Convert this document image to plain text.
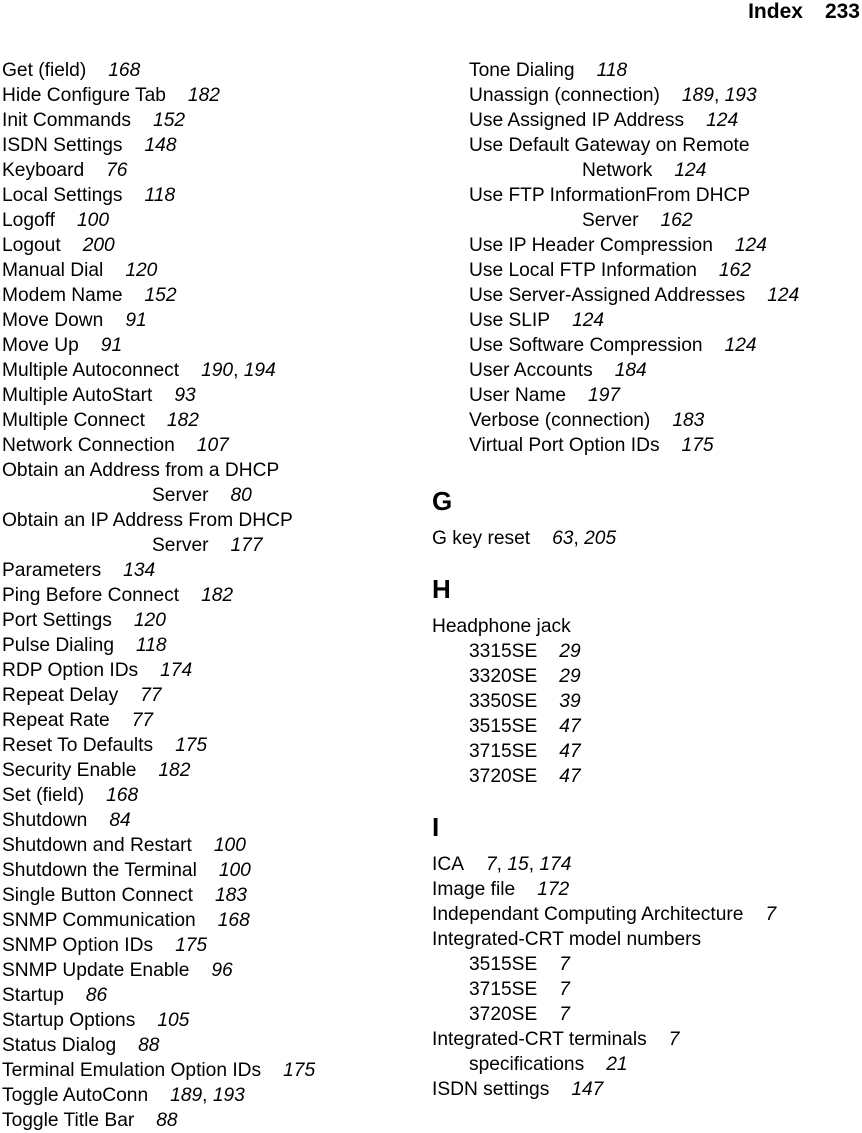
Index 233
Get (field) 168
Hide Configure Tab 182
Init Commands 152
ISDN Settings 148
Keyboard 76
Local Settings 118
Logoff 100
Logout 200
Manual Dial 120
Modem Name 152
Move Down 91
Move Up 91
Multiple Autoconnect 190, 194
Multiple AutoStart 93
Multiple Connect 182
Network Connection 107
Obtain an Address from a DHCP
Server 80
Obtain an IP Address From DHCP
Server 177
Parameters 134
Ping Before Connect 182
Port Settings 120
Pulse Dialing 118
RDP Option IDs 174
Repeat Delay 77
Repeat Rate 77
Reset To Defaults 175
Security Enable 182
Set (field) 168
Shutdown 84
Shutdown and Restart 100
Shutdown the Terminal 100
Single Button Connect 183
SNMP Communication 168
SNMP Option IDs 175
SNMP Update Enable 96
Startup 86
Startup Options 105
Status Dialog 88
Terminal Emulation Option IDs 175
Toggle AutoConn 189, 193
Toggle Title Bar 88
Tone Dialing 118
Unassign (connection) 189, 193
Use Assigned IP Address 124
Use Default Gateway on Remote
Network 124
Use FTP InformationFrom DHCP
Server 162
Use IP Header Compression 124
Use Local FTP Information 162
Use Server-Assigned Addresses 124
Use SLIP 124
Use Software Compression 124
User Accounts 184
User Name 197
Verbose (connection) 183
Virtual Port Option IDs 175
G
G key reset 63, 205
H
Headphone jack
3315SE 29
3320SE 29
3350SE 39
3515SE 47
3715SE 47
3720SE 47
I
ICA 7, 15, 174
Image file 172
Independant Computing Architecture 7
Integrated-CRT model numbers
3515SE 7
3715SE 7
3720SE 7
Integrated-CRT terminals 7
specifications 21
ISDN settings 147
